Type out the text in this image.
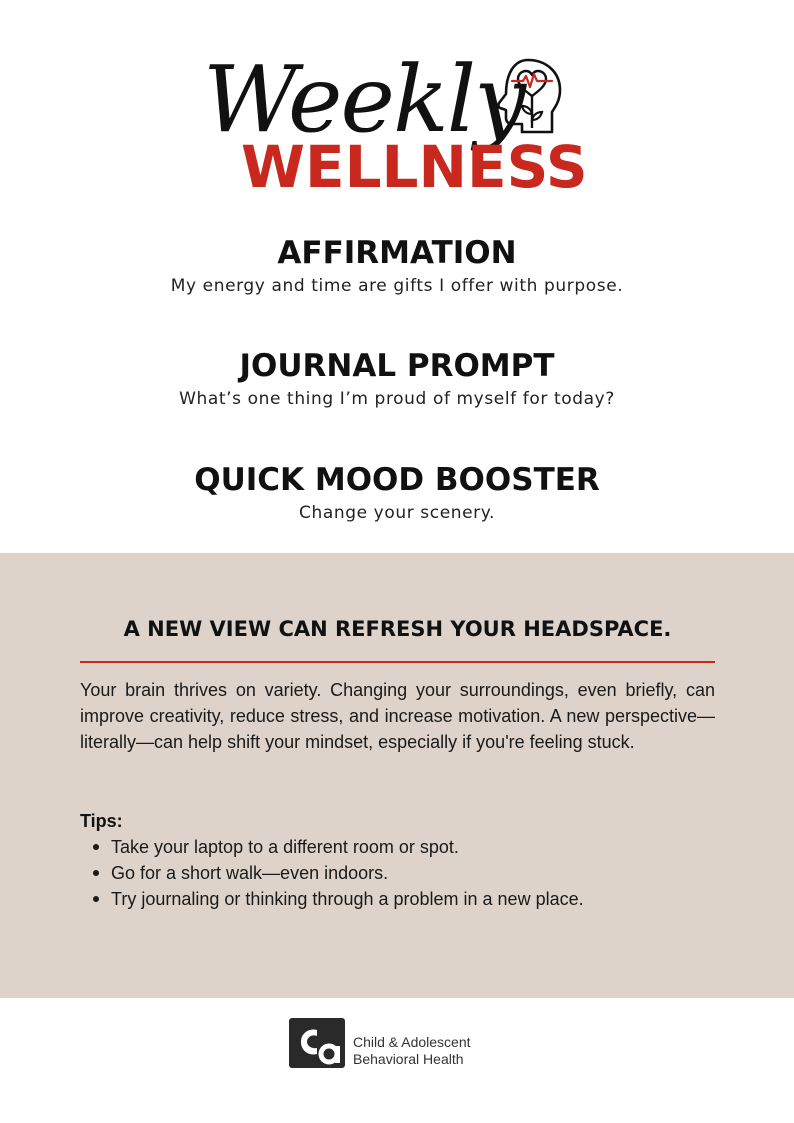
Weekly
WELLNESS
AFFIRMATION

My energy and time are gifts I offer with purpose.

JOURNAL PROMPT

What’s one thing I’m proud of myself for today?

QUICK MOOD BOOSTER

Change your scenery.

A NEW VIEW CAN REFRESH YOUR HEADSPACE.
Your brain thrives on variety. Changing your surroundings, even briefly, can improve creativity, reduce stress, and increase motivation. A new perspective—literally—can help shift your mindset, especially if you're feeling stuck.
Tips:
Take your laptop to a different room or spot.
Go for a short walk—even indoors.
Try journaling or thinking through a problem in a new place.
Child & Adolescent
Behavioral Health
